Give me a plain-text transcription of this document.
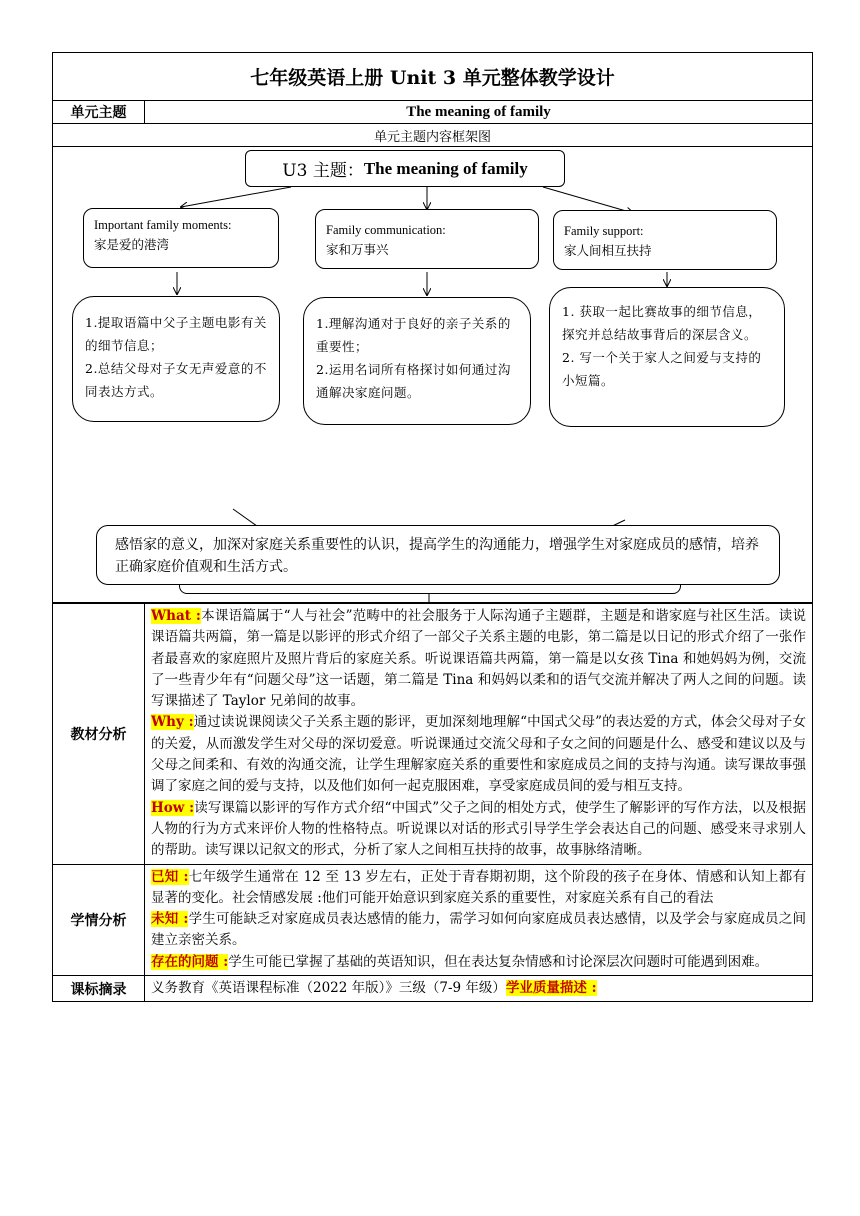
七年级英语上册 Unit 3 单元整体教学设计
单元主题	The meaning of family
单元主题内容框架图

U3 主题： The meaning of family
Important family moments:
家是爱的港湾
Family communication:
家和万事兴
Family support:
家人间相互扶持
1.提取语篇中父子主题电影有关的细节信息；
2.总结父母对子女无声爱意的不同表达方式。
1.理解沟通对于良好的亲子关系的重要性；
2.运用名词所有格探讨如何通过沟通解决家庭问题。
1. 获取一起比赛故事的细节信息，探究并总结故事背后的深层含义。
2. 写一个关于家人之间爱与支持的小短篇。
感悟家的意义，加深对家庭关系重要性的认识，提高学生的沟通能力，增强学生对家庭成员的感情，培养正确家庭价值观和生活方式。
教材分析	What :本课语篇属于“人与社会”范畴中的社会服务于人际沟通子主题群，主题是和谐家庭与社区生活。读说课语篇共两篇，第一篇是以影评的形式介绍了一部父子关系主题的电影，第二篇是以日记的形式介绍了一张作者最喜欢的家庭照片及照片背后的家庭关系。听说课语篇共两篇，第一篇是以女孩 Tina 和她妈妈为例，交流了一些青少年有“问题父母”这一话题，第二篇是 Tina 和妈妈以柔和的语气交流并解决了两人之间的问题。读写课描述了 Taylor 兄弟间的故事。

Why :通过读说课阅读父子关系主题的影评，更加深刻地理解“中国式父母”的表达爱的方式，体会父母对子女的关爱，从而激发学生对父母的深切爱意。听说课通过交流父母和子女之间的问题是什么、感受和建议以及与父母之间柔和、有效的沟通交流，让学生理解家庭关系的重要性和家庭成员之间的支持与沟通。读写课故事强调了家庭之间的爱与支持，以及他们如何一起克服困难，享受家庭成员间的爱与相互支持。

How :读写课篇以影评的写作方式介绍“中国式”父子之间的相处方式，使学生了解影评的写作方法，以及根据人物的行为方式来评价人物的性格特点。听说课以对话的形式引导学生学会表达自己的问题、感受来寻求别人的帮助。读写课以记叙文的形式，分析了家人之间相互扶持的故事，故事脉络清晰。

学情分析	已知 :七年级学生通常在 12 至 13 岁左右，正处于青春期初期，这个阶段的孩子在身体、情感和认知上都有显著的变化。社会情感发展 :他们可能开始意识到家庭关系的重要性，对家庭关系有自己的看法

未知 :学生可能缺乏对家庭成员表达感情的能力，需学习如何向家庭成员表达感情，以及学会与家庭成员之间建立亲密关系。

存在的问题 :学生可能已掌握了基础的英语知识，但在表达复杂情感和讨论深层次问题时可能遇到困难。

课标摘录	义务教育《英语课程标准（2022 年版）》三级（7-9 年级）学业质量描述 :
